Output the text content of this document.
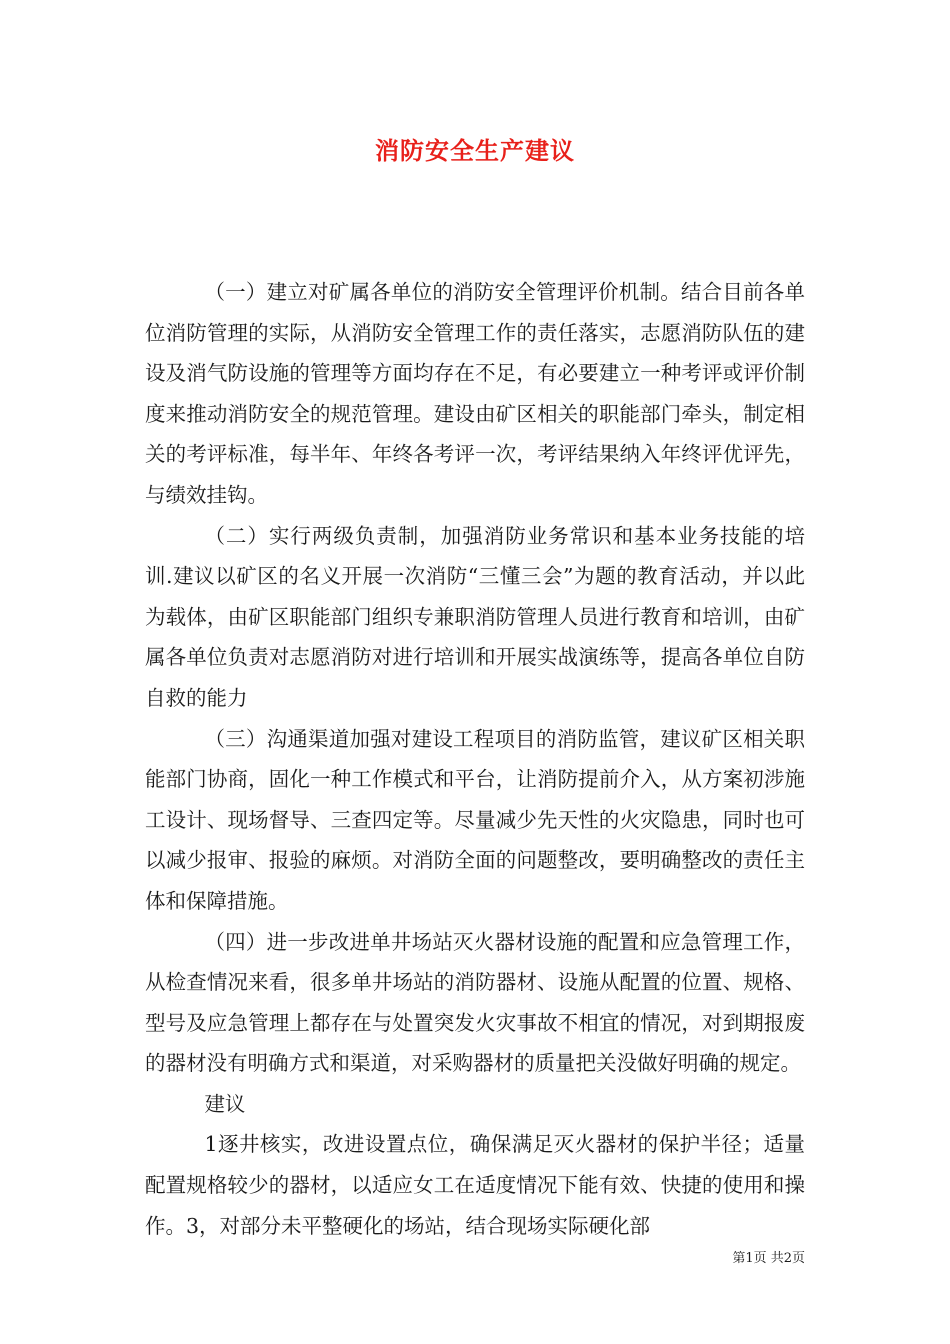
消防安全生产建议

（一）建立对矿属各单位的消防安全管理评价机制。结合目前各单位消防管理的实际，从消防安全管理工作的责任落实，志愿消防队伍的建设及消气防设施的管理等方面均存在不足，有必要建立一种考评或评价制度来推动消防安全的规范管理。建设由矿区相关的职能部门牵头，制定相关的考评标准，每半年、年终各考评一次，考评结果纳入年终评优评先，与绩效挂钩。

（二）实行两级负责制，加强消防业务常识和基本业务技能的培训.建议以矿区的名义开展一次消防“三懂三会”为题的教育活动，并以此为载体，由矿区职能部门组织专兼职消防管理人员进行教育和培训，由矿属各单位负责对志愿消防对进行培训和开展实战演练等，提高各单位自防自救的能力

（三）沟通渠道加强对建设工程项目的消防监管，建议矿区相关职能部门协商，固化一种工作模式和平台，让消防提前介入，从方案初涉施工设计、现场督导、三查四定等。尽量减少先天性的火灾隐患，同时也可以减少报审、报验的麻烦。对消防全面的问题整改，要明确整改的责任主体和保障措施。

（四）进一步改进单井场站灭火器材设施的配置和应急管理工作，从检查情况来看，很多单井场站的消防器材、设施从配置的位置、规格、型号及应急管理上都存在与处置突发火灾事故不相宜的情况，对到期报废的器材没有明确方式和渠道，对采购器材的质量把关没做好明确的规定。

建议

1逐井核实，改进设置点位，确保满足灭火器材的保护半径；适量配置规格较少的器材，以适应女工在适度情况下能有效、快捷的使用和操作。3，对部分未平整硬化的场站，结合现场实际硬化部

第1页 共2页
